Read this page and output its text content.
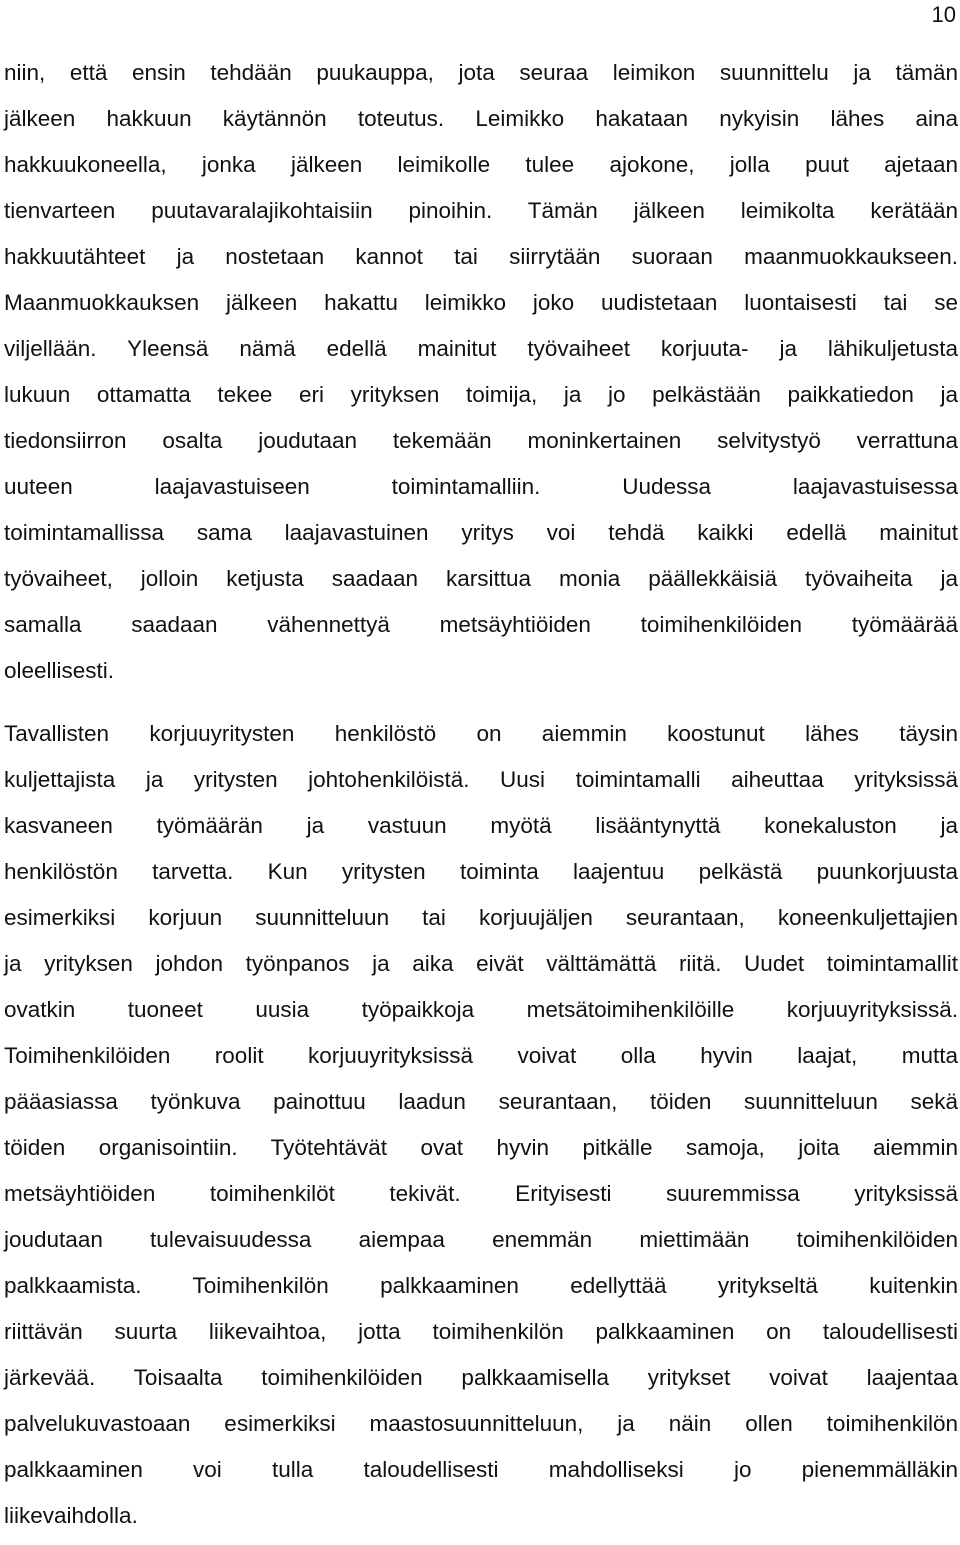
10
niin, että ensin tehdään puukauppa, jota seuraa leimikon suunnittelu ja tämän
jälkeen hakkuun käytännön toteutus. Leimikko hakataan nykyisin lähes aina
hakkuukoneella, jonka jälkeen leimikolle tulee ajokone, jolla puut ajetaan
tienvarteen puutavaralajikohtaisiin pinoihin. Tämän jälkeen leimikolta kerätään
hakkuutähteet ja nostetaan kannot tai siirrytään suoraan maanmuokkaukseen.
Maanmuokkauksen jälkeen hakattu leimikko joko uudistetaan luontaisesti tai se
viljellään. Yleensä nämä edellä mainitut työvaiheet korjuuta- ja lähikuljetusta
lukuun ottamatta tekee eri yrityksen toimija, ja jo pelkästään paikkatiedon ja
tiedonsiirron osalta joudutaan tekemään moninkertainen selvitystyö verrattuna
uuteen laajavastuiseen toimintamalliin. Uudessa laajavastuisessa
toimintamallissa sama laajavastuinen yritys voi tehdä kaikki edellä mainitut
työvaiheet, jolloin ketjusta saadaan karsittua monia päällekkäisiä työvaiheita ja
samalla saadaan vähennettyä metsäyhtiöiden toimihenkilöiden työmäärää
oleellisesti.
Tavallisten korjuuyritysten henkilöstö on aiemmin koostunut lähes täysin
kuljettajista ja yritysten johtohenkilöistä. Uusi toimintamalli aiheuttaa yrityksissä
kasvaneen työmäärän ja vastuun myötä lisääntynyttä konekaluston ja
henkilöstön tarvetta. Kun yritysten toiminta laajentuu pelkästä puunkorjuusta
esimerkiksi korjuun suunnitteluun tai korjuujäljen seurantaan, koneenkuljettajien
ja yrityksen johdon työnpanos ja aika eivät välttämättä riitä. Uudet toimintamallit
ovatkin tuoneet uusia työpaikkoja metsätoimihenkilöille korjuuyrityksissä.
Toimihenkilöiden roolit korjuuyrityksissä voivat olla hyvin laajat, mutta
pääasiassa työnkuva painottuu laadun seurantaan, töiden suunnitteluun sekä
töiden organisointiin. Työtehtävät ovat hyvin pitkälle samoja, joita aiemmin
metsäyhtiöiden toimihenkilöt tekivät. Erityisesti suuremmissa yrityksissä
joudutaan tulevaisuudessa aiempaa enemmän miettimään toimihenkilöiden
palkkaamista. Toimihenkilön palkkaaminen edellyttää yritykseltä kuitenkin
riittävän suurta liikevaihtoa, jotta toimihenkilön palkkaaminen on taloudellisesti
järkevää. Toisaalta toimihenkilöiden palkkaamisella yritykset voivat laajentaa
palvelukuvastoaan esimerkiksi maastosuunnitteluun, ja näin ollen toimihenkilön
palkkaaminen voi tulla taloudellisesti mahdolliseksi jo pienemmälläkin
liikevaihdolla.
